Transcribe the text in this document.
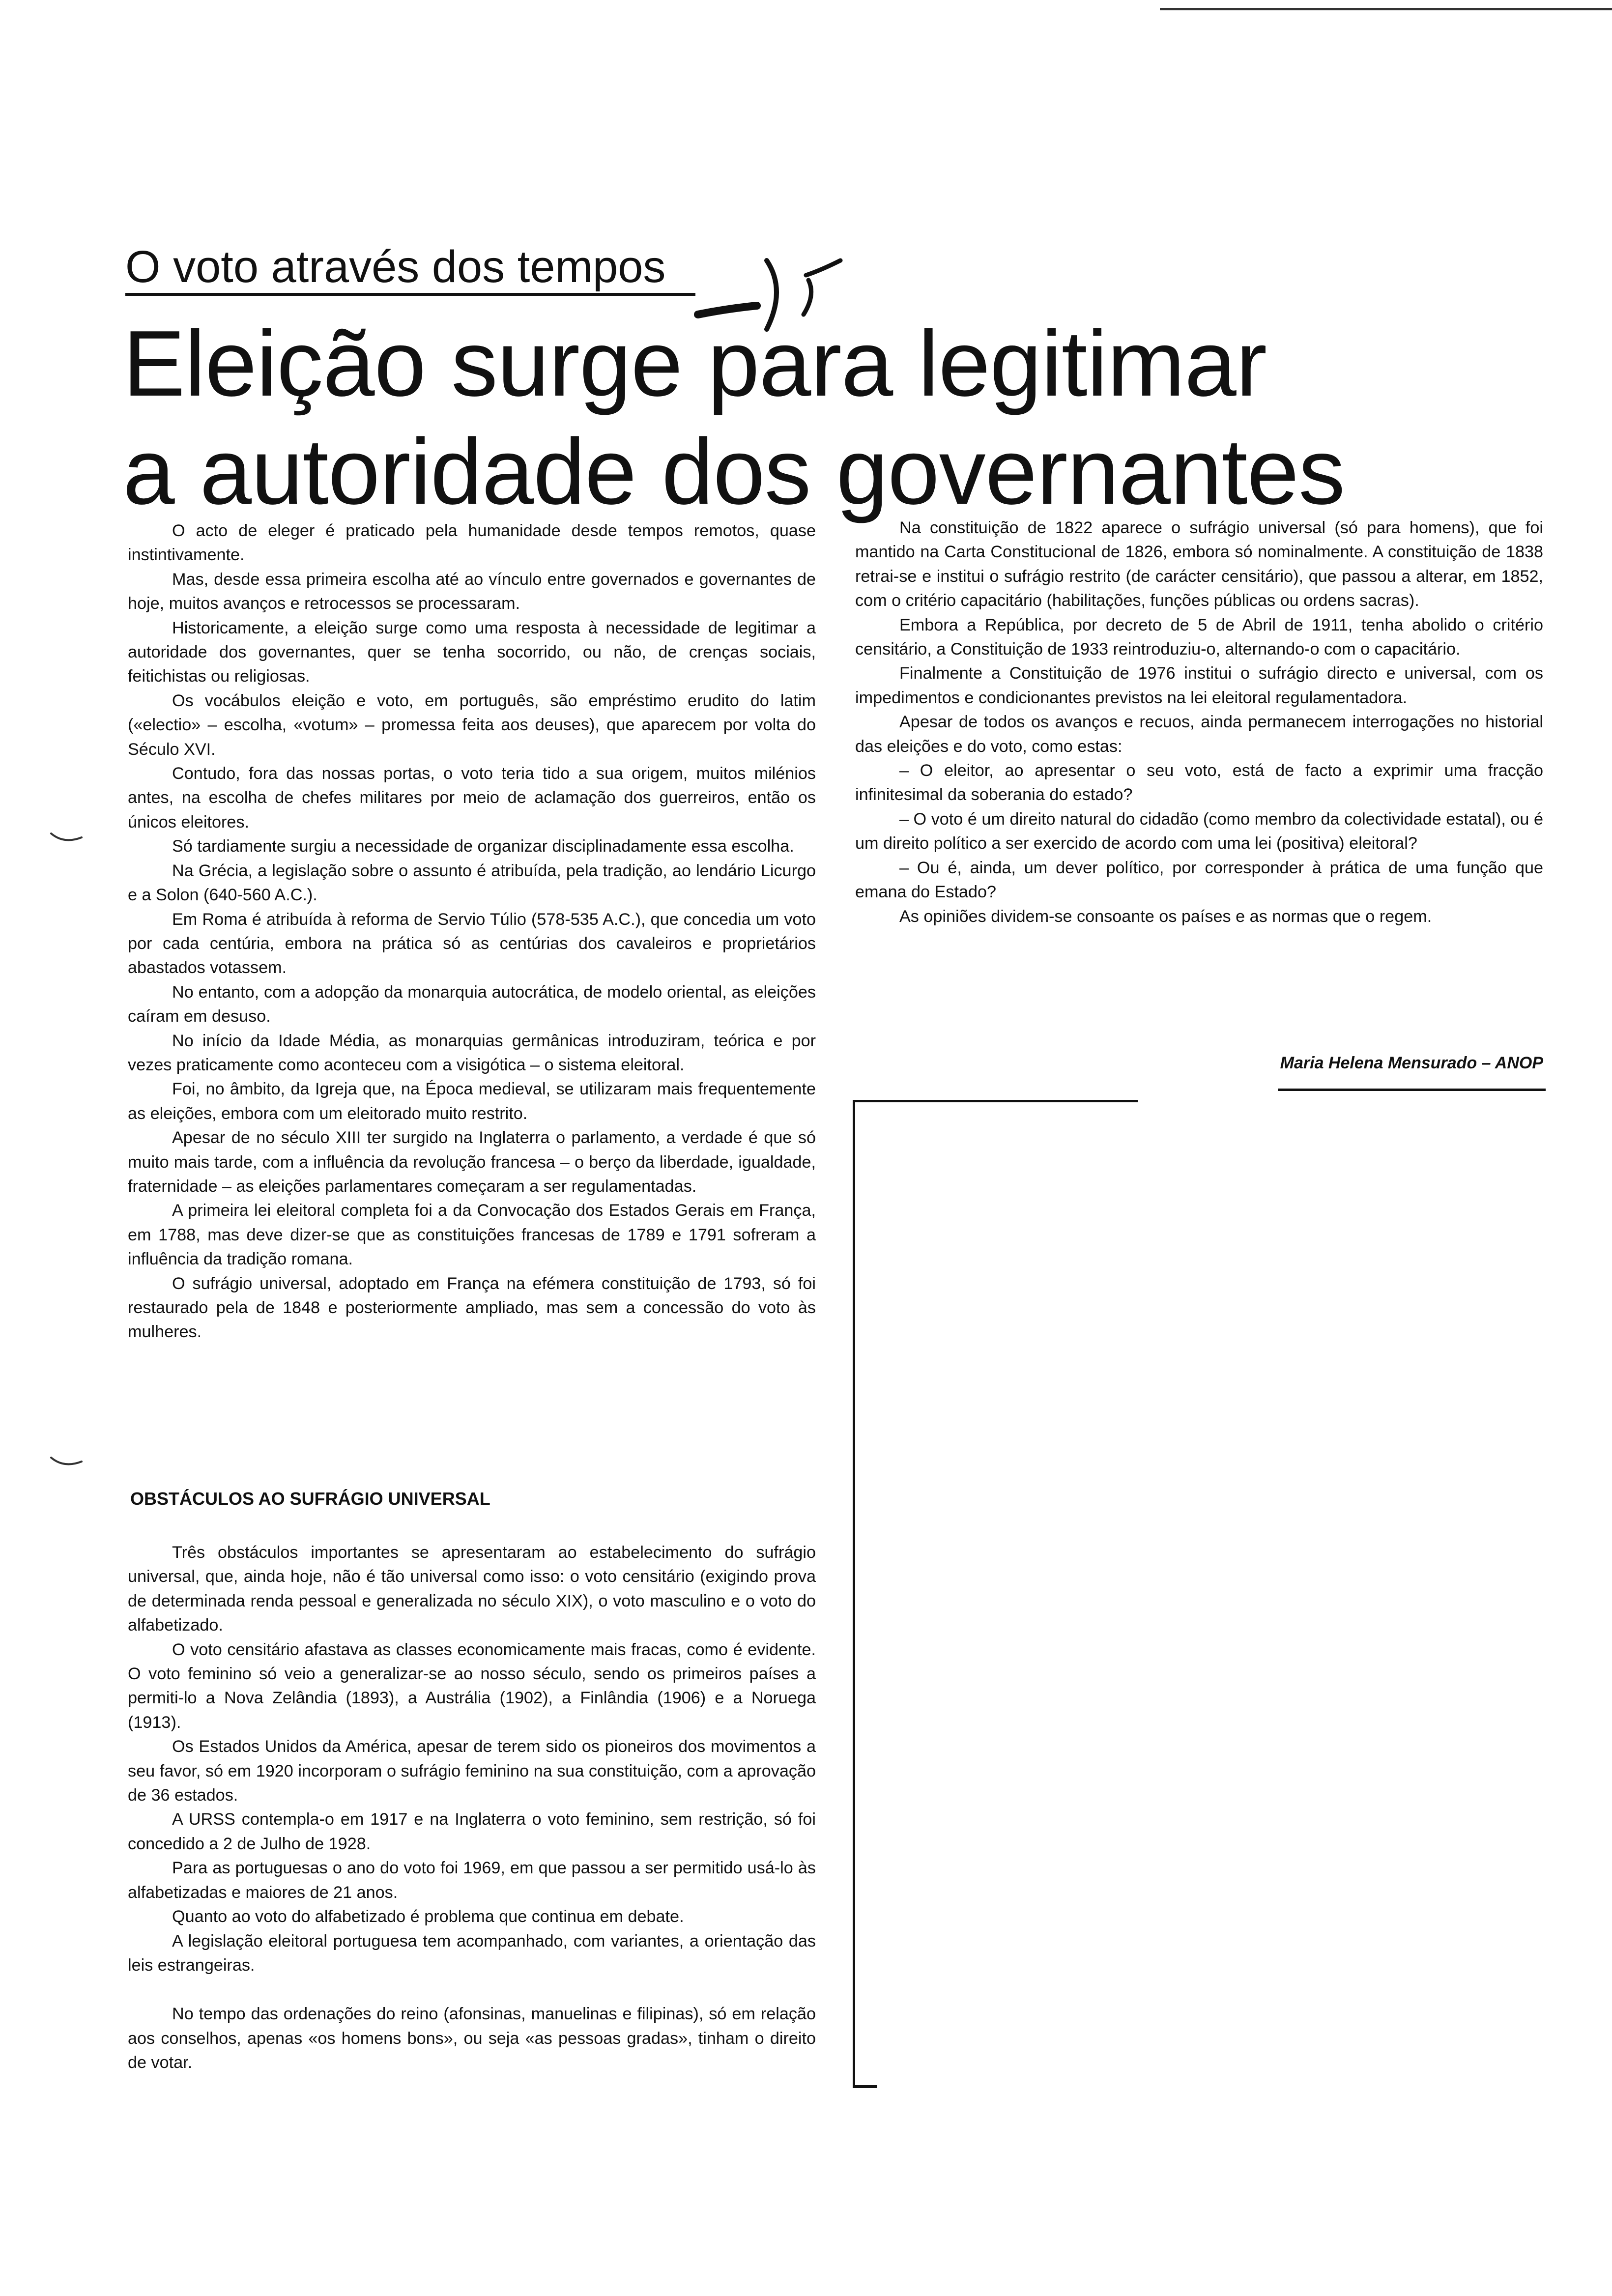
O voto através dos tempos
Eleição surge para legitimar
a autoridade dos governantes

O acto de eleger é praticado pela humanidade desde tempos remotos, quase instintivamente.

Mas, desde essa primeira escolha até ao vínculo entre governados e governantes de hoje, muitos avanços e retrocessos se processaram.

Historicamente, a eleição surge como uma resposta à necessidade de legitimar a autoridade dos governantes, quer se tenha socorrido, ou não, de crenças sociais, feitichistas ou religiosas.

Os vocábulos eleição e voto, em português, são empréstimo erudito do latim («electio» – escolha, «votum» – promessa feita aos deuses), que aparecem por volta do Século XVI.

Contudo, fora das nossas portas, o voto teria tido a sua origem, muitos milénios antes, na escolha de chefes militares por meio de aclamação dos guerreiros, então os únicos eleitores.

Só tardiamente surgiu a necessidade de organizar disciplinadamente essa escolha.

Na Grécia, a legislação sobre o assunto é atribuída, pela tradição, ao lendário Licurgo e a Solon (640-560 A.C.).

Em Roma é atribuída à reforma de Servio Túlio (578-535 A.C.), que concedia um voto por cada centúria, embora na prática só as centúrias dos cavaleiros e proprietários abastados votassem.

No entanto, com a adopção da monarquia autocrática, de modelo oriental, as eleições caíram em desuso.

No início da Idade Média, as monarquias germânicas introduziram, teórica e por vezes praticamente como aconteceu com a visigótica – o sistema eleitoral.

Foi, no âmbito, da Igreja que, na Época medieval, se utilizaram mais frequentemente as eleições, embora com um eleitorado muito restrito.

Apesar de no século XIII ter surgido na Inglaterra o parlamento, a verdade é que só muito mais tarde, com a influência da revolução francesa – o berço da liberdade, igualdade, fraternidade – as eleições parlamentares começaram a ser regulamentadas.

A primeira lei eleitoral completa foi a da Convocação dos Estados Gerais em França, em 1788, mas deve dizer-se que as constituições francesas de 1789 e 1791 sofreram a influência da tradição romana.

O sufrágio universal, adoptado em França na efémera constituição de 1793, só foi restaurado pela de 1848 e posteriormente ampliado, mas sem a concessão do voto às mulheres.

OBSTÁCULOS AO SUFRÁGIO UNIVERSAL

Três obstáculos importantes se apresentaram ao estabelecimento do sufrágio universal, que, ainda hoje, não é tão universal como isso: o voto censitário (exigindo prova de determinada renda pessoal e generalizada no século XIX), o voto masculino e o voto do alfabetizado.

O voto censitário afastava as classes economicamente mais fracas, como é evidente. O voto feminino só veio a generalizar-se ao nosso século, sendo os primeiros países a permiti-lo a Nova Zelândia (1893), a Austrália (1902), a Finlândia (1906) e a Noruega (1913).

Os Estados Unidos da América, apesar de terem sido os pioneiros dos movimentos a seu favor, só em 1920 incorporam o sufrágio feminino na sua constituição, com a aprovação de 36 estados.

A URSS contempla-o em 1917 e na Inglaterra o voto feminino, sem restrição, só foi concedido a 2 de Julho de 1928.

Para as portuguesas o ano do voto foi 1969, em que passou a ser permitido usá-lo às alfabetizadas e maiores de 21 anos.

Quanto ao voto do alfabetizado é problema que continua em debate.

A legislação eleitoral portuguesa tem acompanhado, com variantes, a orientação das leis estrangeiras.

No tempo das ordenações do reino (afonsinas, manuelinas e filipinas), só em relação aos conselhos, apenas «os homens bons», ou seja «as pessoas gradas», tinham o direito de votar.

Na constituição de 1822 aparece o sufrágio universal (só para homens), que foi mantido na Carta Constitucional de 1826, embora só nominalmente. A constituição de 1838 retrai-se e institui o sufrágio restrito (de carácter censitário), que passou a alterar, em 1852, com o critério capacitário (habilitações, funções públicas ou ordens sacras).

Embora a República, por decreto de 5 de Abril de 1911, tenha abolido o critério censitário, a Constituição de 1933 reintroduziu-o, alternando-o com o capacitário.

Finalmente a Constituição de 1976 institui o sufrágio directo e universal, com os impedimentos e condicionantes previstos na lei eleitoral regulamentadora.

Apesar de todos os avanços e recuos, ainda permanecem interrogações no historial das eleições e do voto, como estas:

– O eleitor, ao apresentar o seu voto, está de facto a exprimir uma fracção infinitesimal da soberania do estado?

– O voto é um direito natural do cidadão (como membro da colectividade estatal), ou é um direito político a ser exercido de acordo com uma lei (positiva) eleitoral?

– Ou é, ainda, um dever político, por corresponder à prática de uma função que emana do Estado?

As opiniões dividem-se consoante os países e as normas que o regem.

Maria Helena Mensurado – ANOP
